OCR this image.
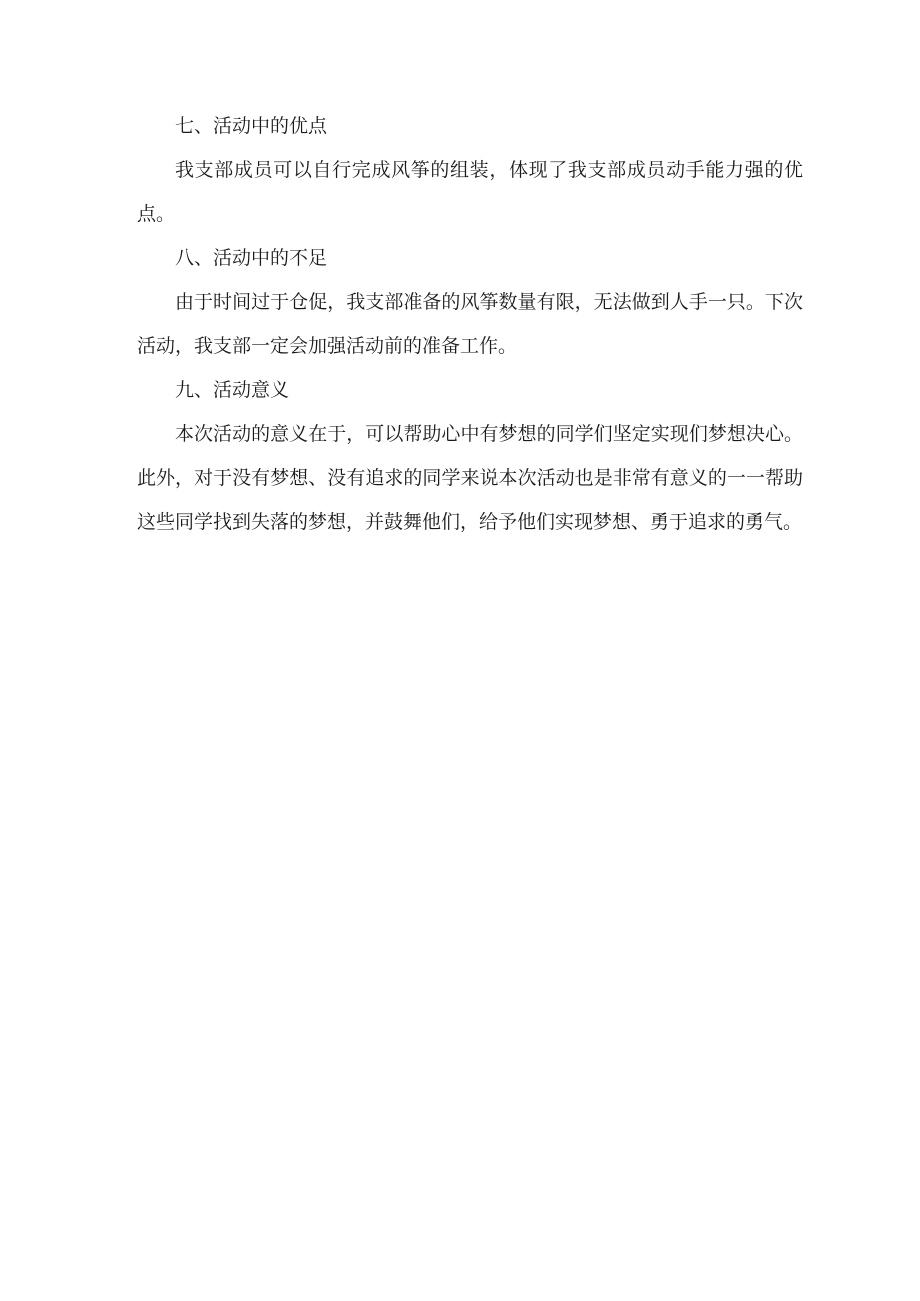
七、活动中的优点

我支部成员可以自行完成风筝的组装，体现了我支部成员动手能力强的优点。

八、活动中的不足

由于时间过于仓促，我支部准备的风筝数量有限，无法做到人手一只。下次活动，我支部一定会加强活动前的准备工作。

九、活动意义

本次活动的意义在于，可以帮助心中有梦想的同学们坚定实现们梦想决心。此外，对于没有梦想、没有追求的同学来说本次活动也是非常有意义的一一帮助这些同学找到失落的梦想，并鼓舞他们，给予他们实现梦想、勇于追求的勇气。
